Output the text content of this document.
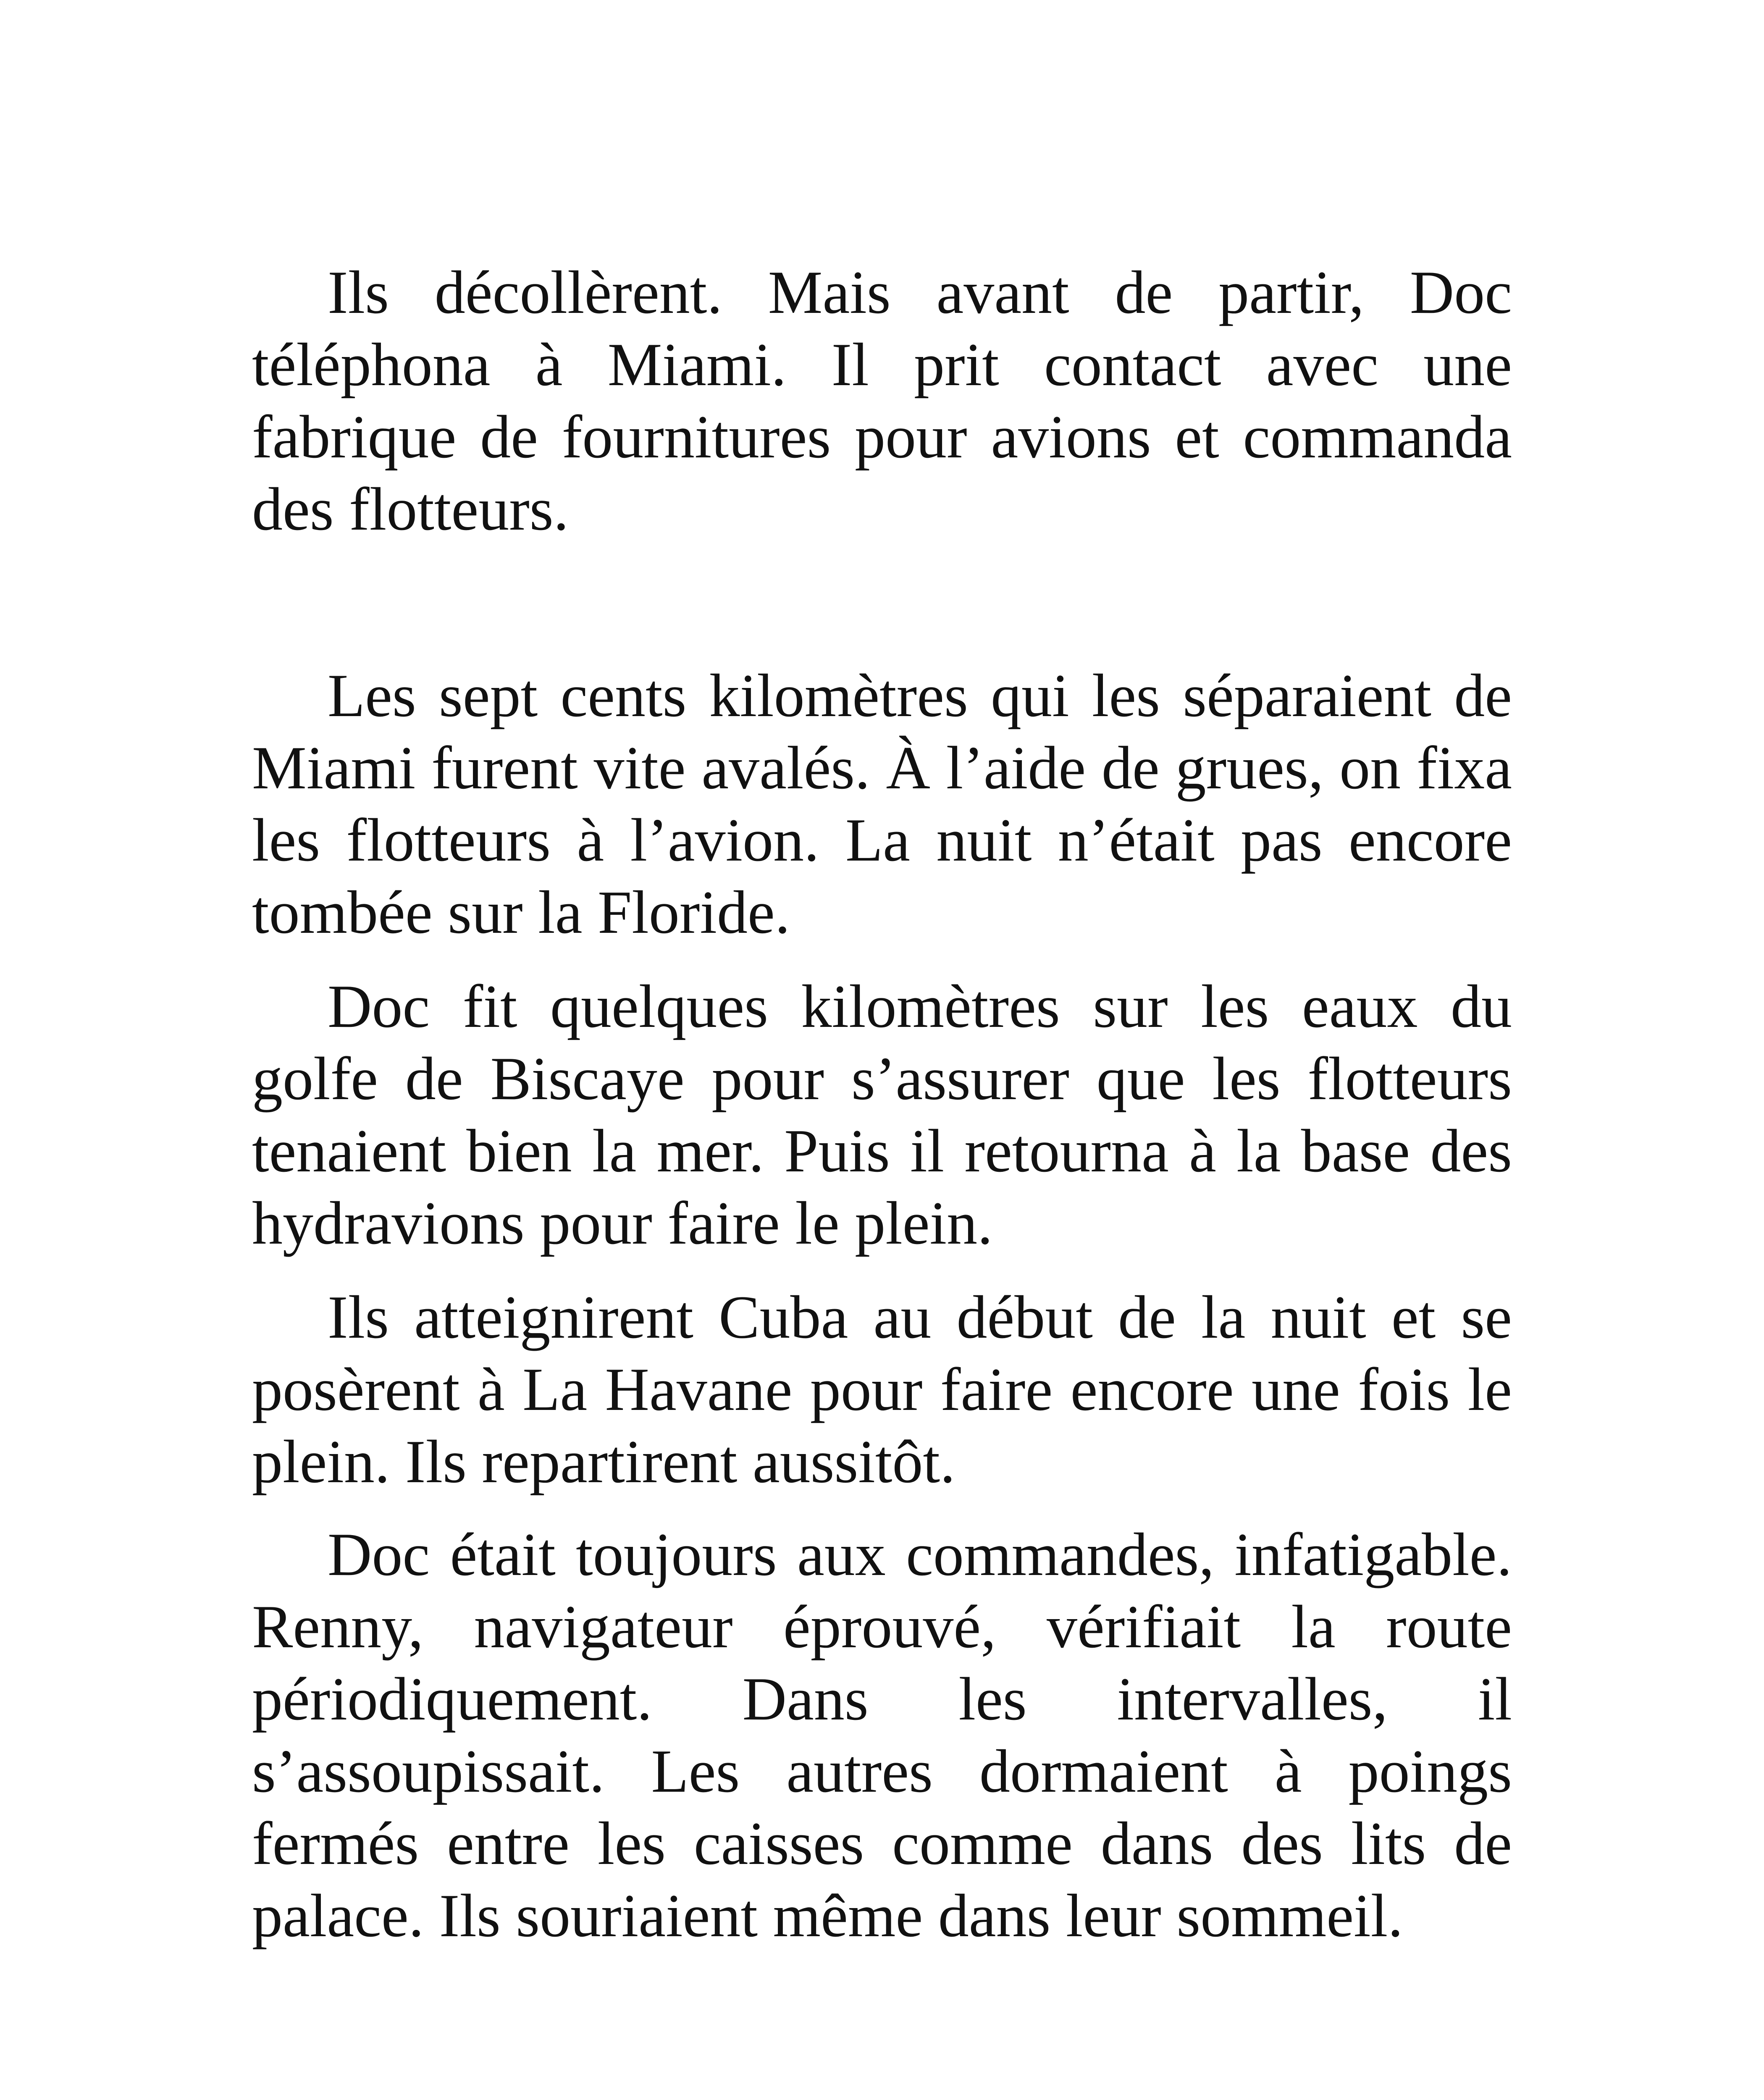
Ils décollèrent. Mais avant de partir, Doc téléphona à Miami. Il prit contact avec une fabrique de fournitures pour avions et commanda des flotteurs.

Les sept cents kilomètres qui les séparaient de Miami furent vite avalés. À l’aide de grues, on fixa les flotteurs à l’avion. La nuit n’était pas encore tombée sur la Floride.

Doc fit quelques kilomètres sur les eaux du golfe de Biscaye pour s’assurer que les flotteurs tenaient bien la mer. Puis il retourna à la base des hydravions pour faire le plein.

Ils atteignirent Cuba au début de la nuit et se posèrent à La Havane pour faire encore une fois le plein. Ils repartirent aussitôt.

Doc était toujours aux commandes, infatigable. Renny, navigateur éprouvé, vérifiait la route périodiquement. Dans les intervalles, il s’assoupissait. Les autres dormaient à poings fermés entre les caisses comme dans des lits de palace. Ils souriaient même dans leur sommeil.
